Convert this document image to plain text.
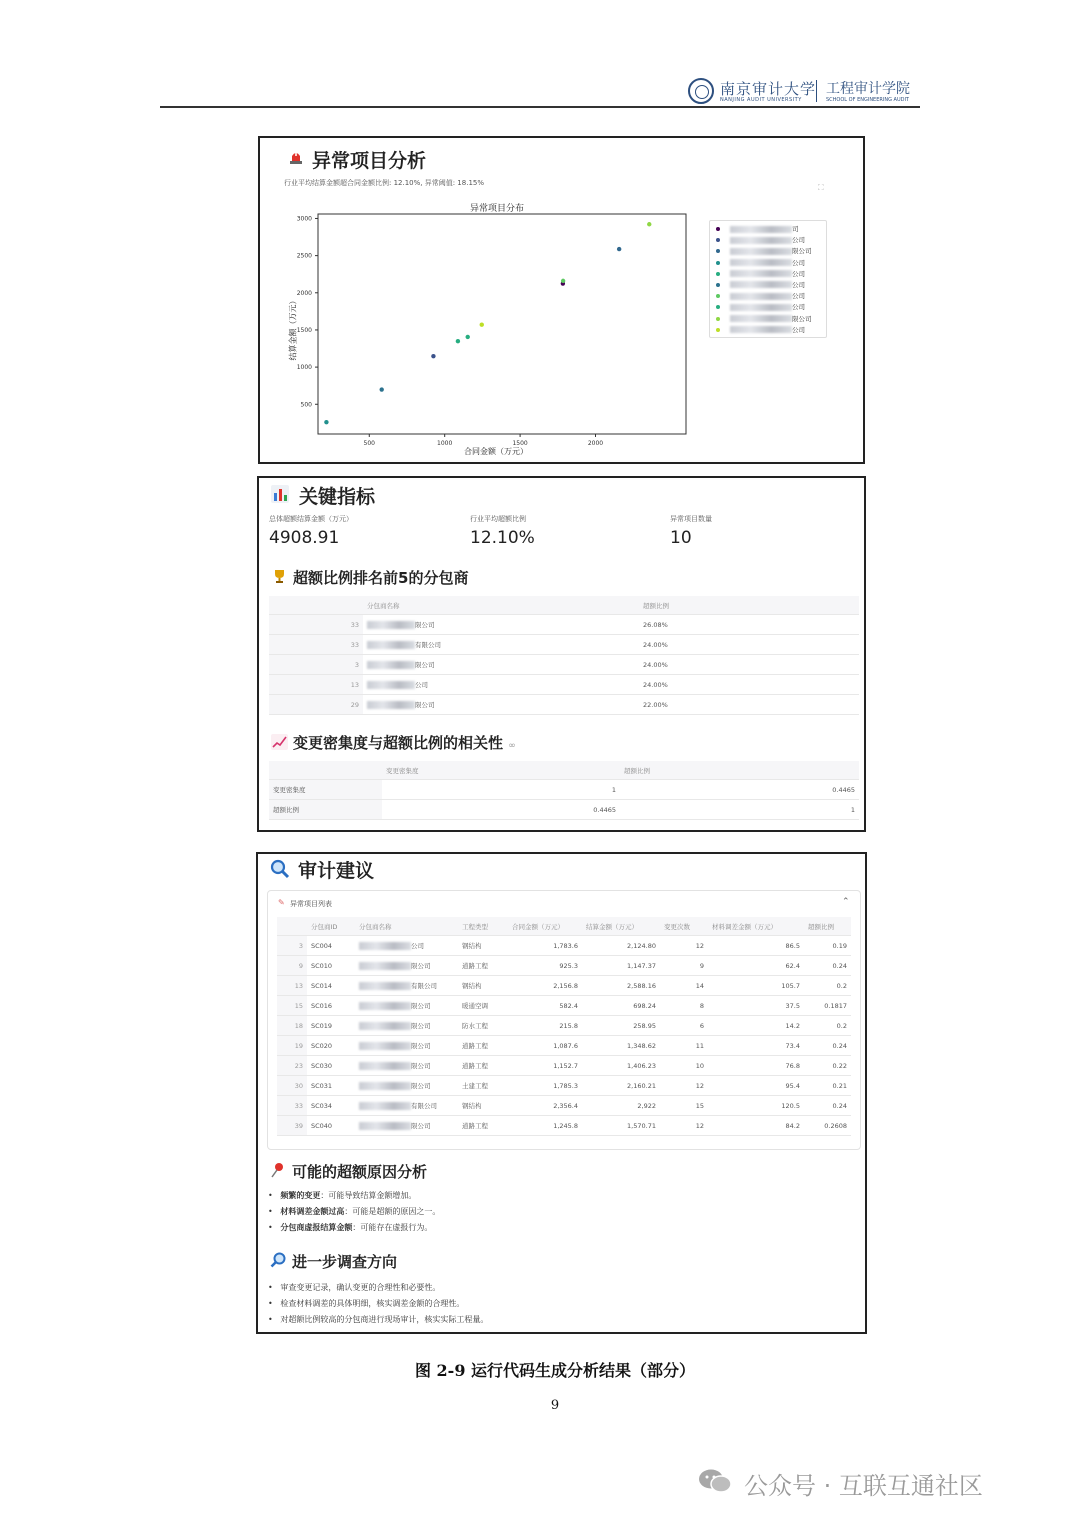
南京审计大学
NANJING AUDIT UNIVERSITY
工程审计学院
SCHOOL OF ENGINEERING AUDIT
异常项目分析
行业平均结算金额超合同金额比例: 12.10%, 异常阈值: 18.15%	⛶
异常项目分布
500	1000	1500	2000
500
1000
1500
2000
2500
3000
结算金额（万元）
合同金额（万元）
司
公司
限公司
公司
公司
公司
公司
公司
限公司
公司
关键指标
总体超额结算金额（万元）
4908.91
行业平均超额比例
12.10%
异常项目数量
10
超额比例排名前5的分包商
	分包商名称	超额比例
33	限公司	26.08%
33	有限公司	24.00%
3	限公司	24.00%
13	公司	24.00%
29	限公司	22.00%
变更密集度与超额比例的相关性 ∞
	变更密集度	超额比例
变更密集度	1	0.4465
超额比例	0.4465	1
审计建议
✎ 异常项目列表	⌃
	分包商ID	分包商名称	工程类型	合同金额（万元）	结算金额（万元）	变更次数	材料调差金额（万元）	超额比例
3	SC004	公司	钢结构	1,783.6	2,124.80	12	86.5	0.19
9	SC010	限公司	道路工程	925.3	1,147.37	9	62.4	0.24
13	SC014	有限公司	钢结构	2,156.8	2,588.16	14	105.7	0.2
15	SC016	限公司	暖通空调	582.4	698.24	8	37.5	0.1817
18	SC019	限公司	防水工程	215.8	258.95	6	14.2	0.2
19	SC020	限公司	道路工程	1,087.6	1,348.62	11	73.4	0.24
23	SC030	限公司	道路工程	1,152.7	1,406.23	10	76.8	0.22
30	SC031	限公司	土建工程	1,785.3	2,160.21	12	95.4	0.21
33	SC034	有限公司	钢结构	2,356.4	2,922	15	120.5	0.24
39	SC040	限公司	道路工程	1,245.8	1,570.71	12	84.2	0.2608
可能的超额原因分析
•   频繁的变更：可能导致结算金额增加。
•   材料调差金额过高：可能是超额的原因之一。
•   分包商虚报结算金额：可能存在虚报行为。
进一步调查方向
•   审查变更记录，确认变更的合理性和必要性。
•   检查材料调差的具体明细，核实调差金额的合理性。
•   对超额比例较高的分包商进行现场审计，核实实际工程量。
图 2-9 运行代码生成分析结果（部分）
9
公众号 · 互联互通社区
